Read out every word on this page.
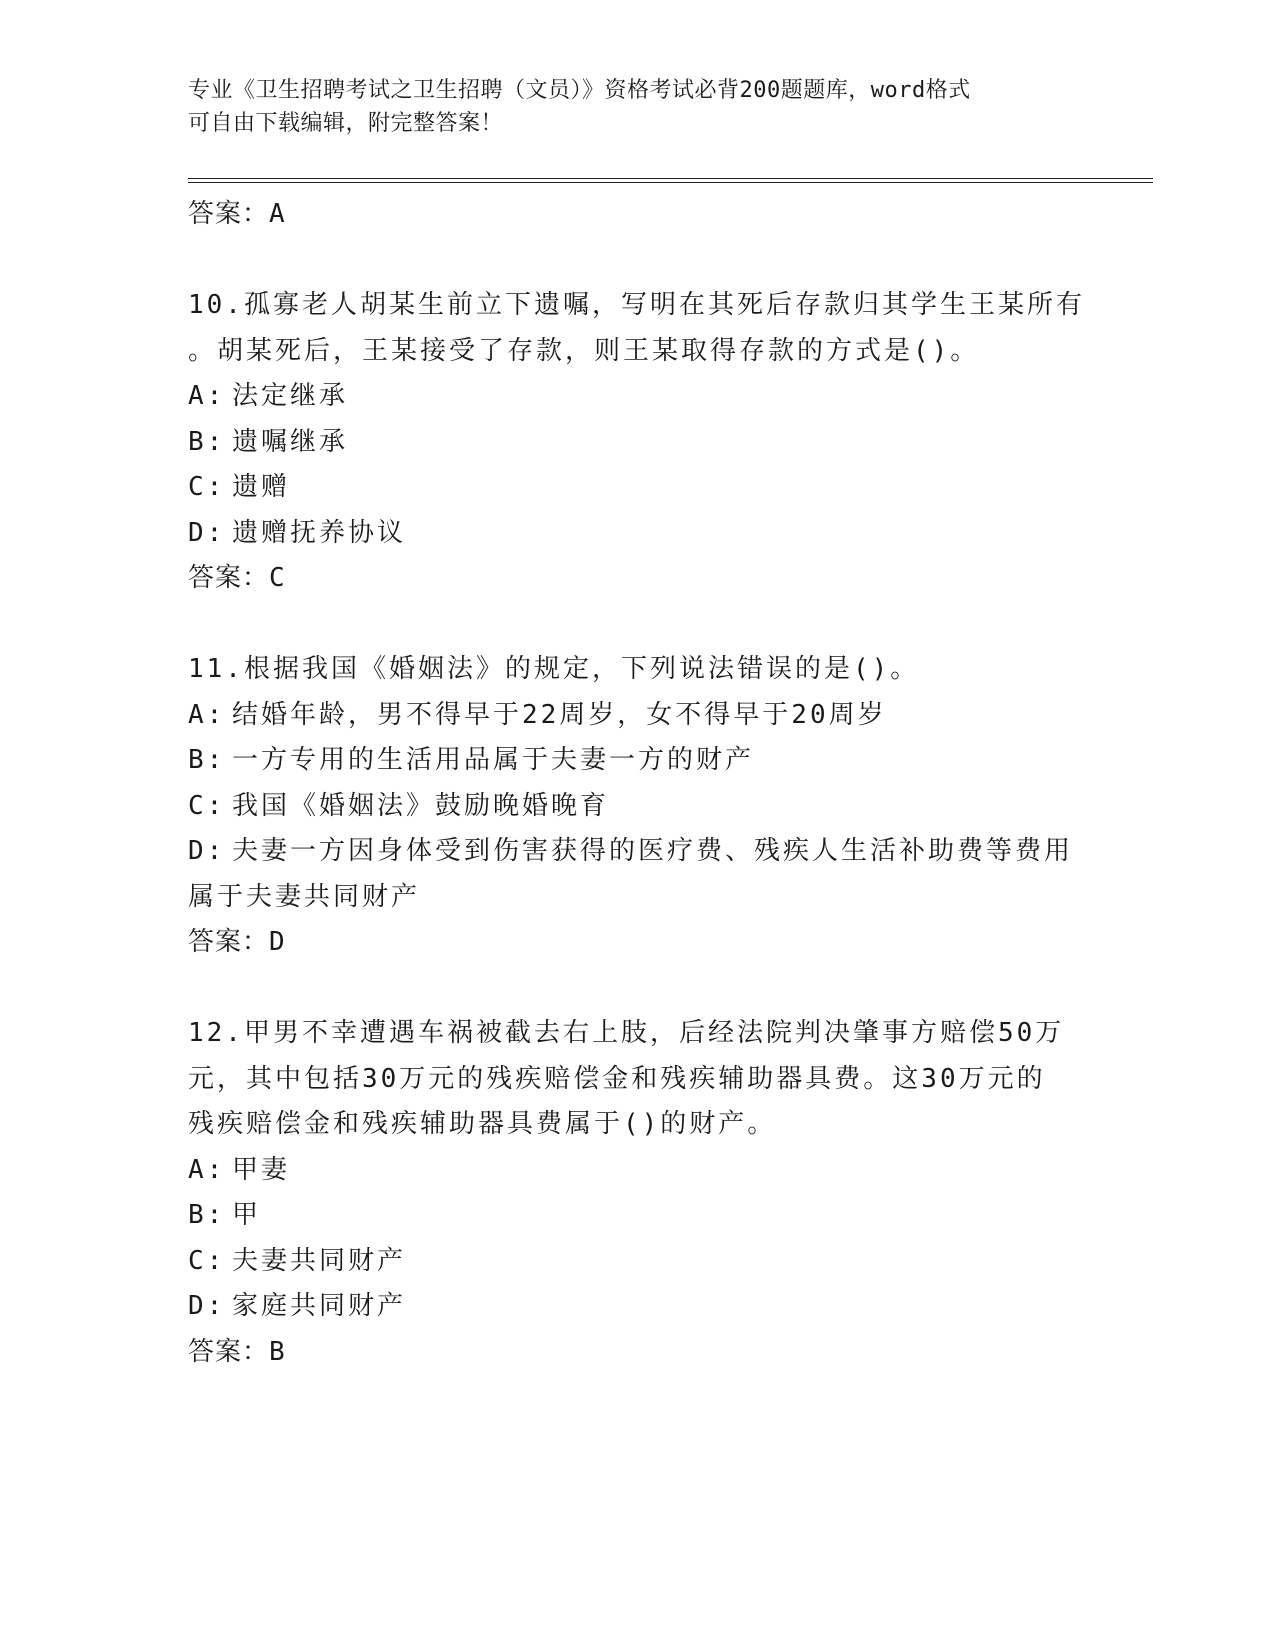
专业《卫生招聘考试之卫生招聘（文员）》资格考试必背200题题库，word格式
可自由下载编辑，附完整答案！
答案：A
10.孤寡老人胡某生前立下遗嘱，写明在其死后存款归其学生王某所有
。胡某死后，王某接受了存款，则王某取得存款的方式是()。
A: 法定继承
B: 遗嘱继承
C: 遗赠
D: 遗赠抚养协议
答案：C
11.根据我国《婚姻法》的规定，下列说法错误的是()。
A: 结婚年龄，男不得早于22周岁，女不得早于20周岁
B: 一方专用的生活用品属于夫妻一方的财产
C: 我国《婚姻法》鼓励晚婚晚育
D: 夫妻一方因身体受到伤害获得的医疗费、残疾人生活补助费等费用
属于夫妻共同财产
答案：D
12.甲男不幸遭遇车祸被截去右上肢，后经法院判决肇事方赔偿50万
元，其中包括30万元的残疾赔偿金和残疾辅助器具费。这30万元的
残疾赔偿金和残疾辅助器具费属于()的财产。
A: 甲妻
B: 甲
C: 夫妻共同财产
D: 家庭共同财产
答案：B
